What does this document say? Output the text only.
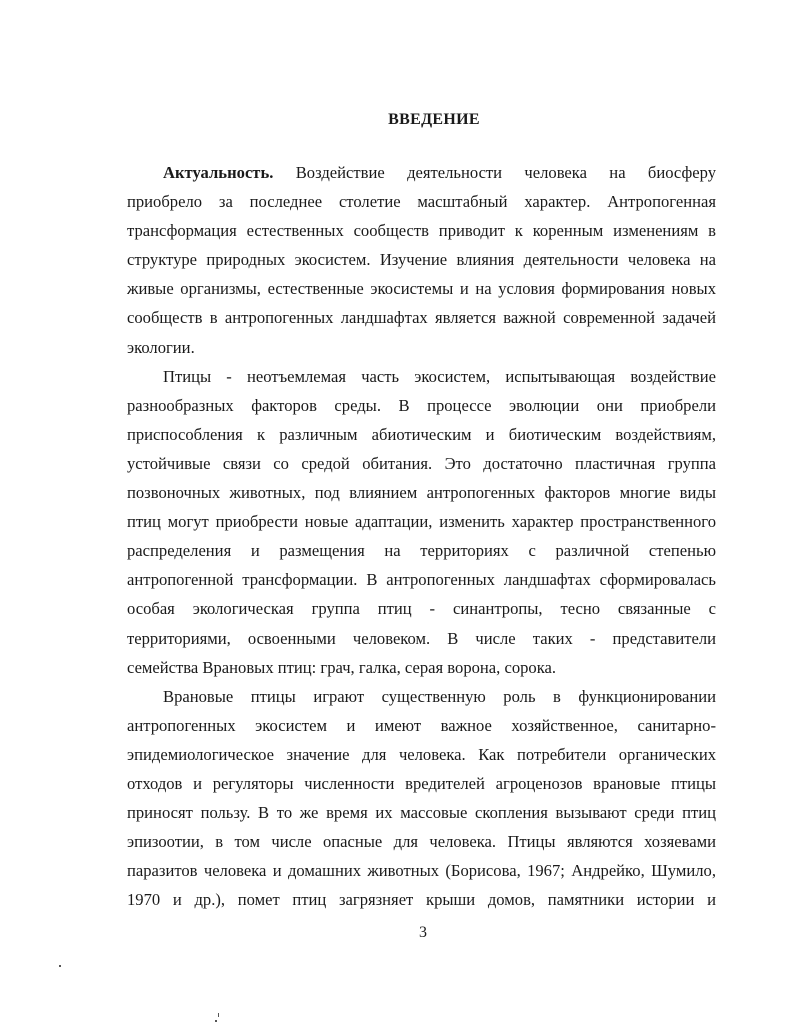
ВВЕДЕНИЕ
Актуальность. Воздействие деятельности человека на биосферу
приобрело за последнее столетие масштабный характер. Антропогенная
трансформация естественных сообществ приводит к коренным изменениям в
структуре природных экосистем. Изучение влияния деятельности человека на
живые организмы, естественные экосистемы и на условия формирования новых
сообществ в антропогенных ландшафтах является важной современной задачей
экологии.
Птицы - неотъемлемая часть экосистем, испытывающая воздействие
разнообразных факторов среды. В процессе эволюции они приобрели
приспособления к различным абиотическим и биотическим воздействиям,
устойчивые связи со средой обитания. Это достаточно пластичная группа
позвоночных животных, под влиянием антропогенных факторов многие виды
птиц могут приобрести новые адаптации, изменить характер пространственного
распределения и размещения на территориях с различной степенью
антропогенной трансформации. В антропогенных ландшафтах сформировалась
особая экологическая группа птиц - синантропы, тесно связанные с
территориями, освоенными человеком. В числе таких - представители
семейства Врановых птиц: грач, галка, серая ворона, сорока.
Врановые птицы играют существенную роль в функционировании
антропогенных экосистем и имеют важное хозяйственное, санитарно-
эпидемиологическое значение для человека. Как потребители органических
отходов и регуляторы численности вредителей агроценозов врановые птицы
приносят пользу. В то же время их массовые скопления вызывают среди птиц
эпизоотии, в том числе опасные для человека. Птицы являются хозяевами
паразитов человека и домашних животных (Борисова, 1967; Андрейко, Шумило,
1970 и др.), помет птиц загрязняет крыши домов, памятники истории и
3
